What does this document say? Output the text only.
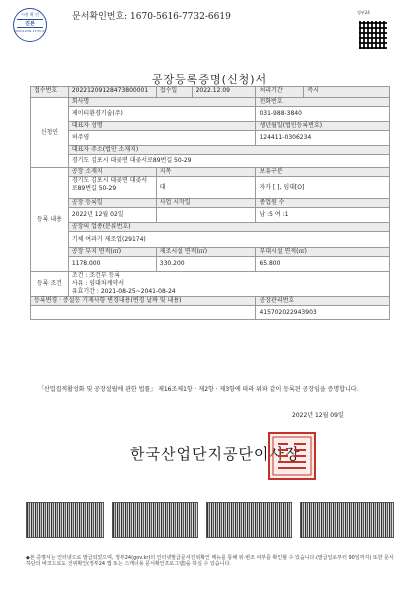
시흥 확 인
진본
2022/12/09 13:55:43
문서확인번호: 1670-5616-7732-6619	정부24
공장등록증명(신청)서
접수번호	20221209128473800001	접수일	2022.12.09	처리기간	즉시
신청인	회사명			전화번호	
	제이티환경기술(주)			031-988-3840	
	대표자 성명			생년월일(법인등록번호)	
	허주영			124411-0306234	
	대표자 주소(법인 소재지)				
	경기도 김포시 대곶면 대곶서로89번길 50-29				
등록 내용	공장 소재지	지목		보유구분	
	경기도 김포시 대곶면 대곶서로89번길 50-29	대		자가 [ ], 임대[O]	
	공장 등록일	사업 시작일		종업원 수	
	2022년 12월 02일			남 :5 여 :1	
	공장의 업종(분류번호)				
	기체 여과기 제조업(29174)				
	공장 부지 면적(㎡)	제조시설 면적(㎡)		부대시설 면적(㎡)	
	1178.000	330.200		65.800	
등록 조건	조건 : 조건부 등록
사유 : 임대차계약서
유효기간 : 2021-08-25~2041-08-24				

등록변경 · 증설등 기재사항 변경내용(변경 날짜 및 내용)				공장관리번호	
				415702022943903	
「산업집적활성화 및 공장설립에 관한 법률」 제16조제1항 · 제2항 · 제3항에 따라 위와 같이 등록된 공장임을 증명합니다.
2022년 12월 09일
한국산업단지공단이사장
◆본 증명서는 인터넷으로 발급되었으며, 정부24(gov.kr)의 인터넷발급문서진위확인 메뉴를 통해 위·변조 여부를 확인할 수 있습니다.(발급일로부터 90일까지) 또한 문서하단의 바코드로도 진위확인(정부24 앱 또는 스캐너용 문서확인프로그램)을 하실 수 있습니다.
